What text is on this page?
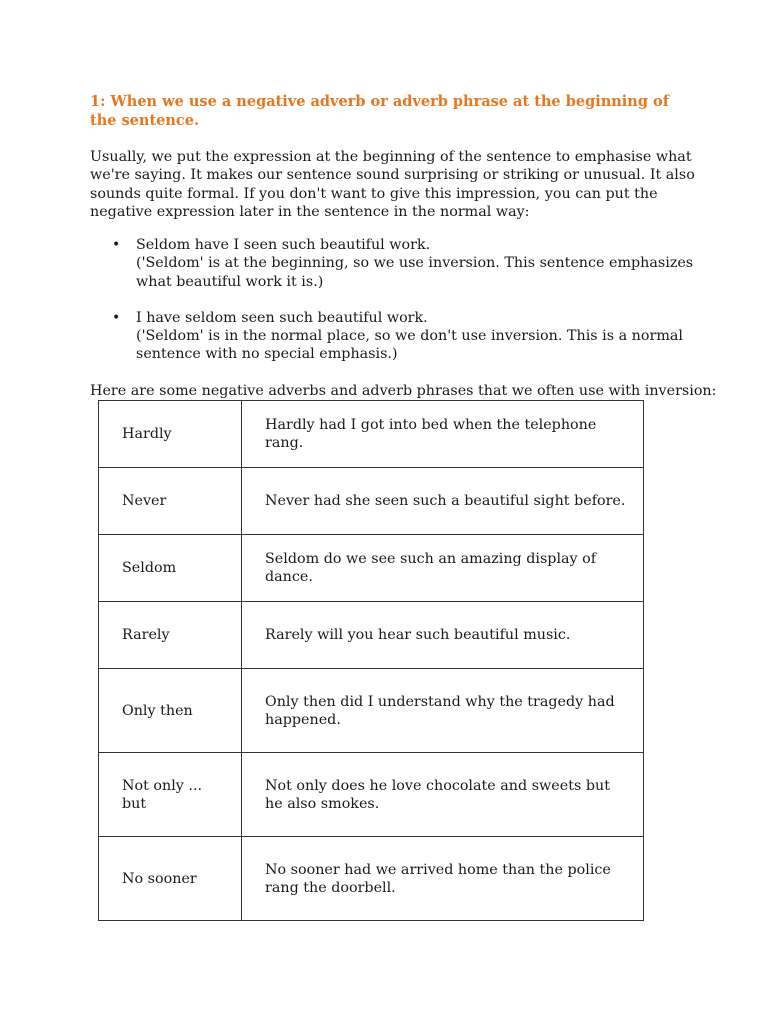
1: When we use a negative adverb or adverb phrase at the beginning of the sentence.

Usually, we put the expression at the beginning of the sentence to emphasise what we're saying. It makes our sentence sound surprising or striking or unusual. It also sounds quite formal. If you don't want to give this impression, you can put the negative expression later in the sentence in the normal way:

• Seldom have I seen such beautiful work.
('Seldom' is at the beginning, so we use inversion. This sentence emphasizes what beautiful work it is.)
• I have seldom seen such beautiful work.
('Seldom' is in the normal place, so we don't use inversion. This is a normal sentence with no special emphasis.)

Here are some negative adverbs and adverb phrases that we often use with inversion:

Hardly	Hardly had I got into bed when the telephone rang.
Never	Never had she seen such a beautiful sight before.
Seldom	Seldom do we see such an amazing display of dance.
Rarely	Rarely will you hear such beautiful music.
Only then	Only then did I understand why the tragedy had happened.
Not only ... but	Not only does he love chocolate and sweets but he also smokes.
No sooner	No sooner had we arrived home than the police rang the doorbell.
